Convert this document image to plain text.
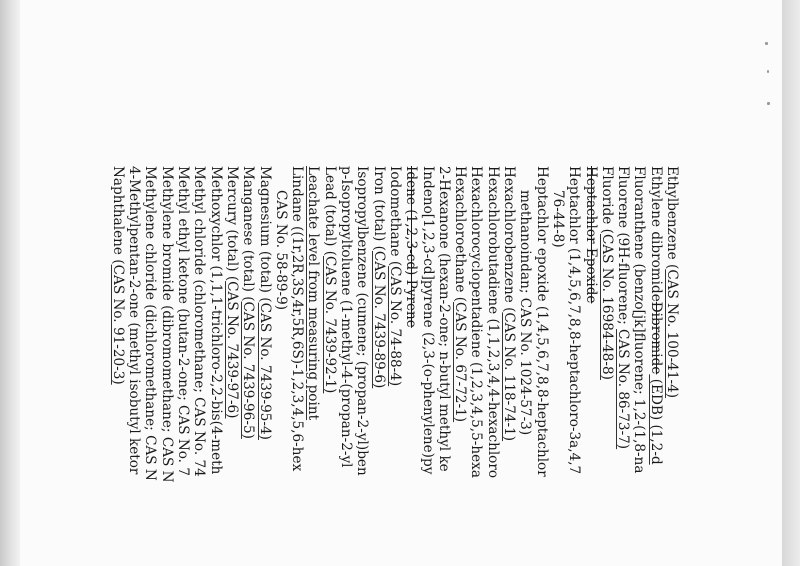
Ethylbenzene (CAS No. 100-41-4)
Ethylene dibromideDibromide (EDB) (1,2-d
Fluoranthene (benzo[jk]fluorene; 1,2-(1,8-na
Fluorene (9H-fluorene; CAS No. 86-73-7)
Fluoride (CAS No. 16984-48-8)
Heptachlor Epoxide
Heptachlor (1,4,5,6,7,8,8-heptachloro-3a,4,7
76-44-8)
Heptachlor epoxide (1,4,5,6,7,8,8-heptachlor
methanoindan; CAS No. 1024-57-3)
Hexachlorobenzene (CAS No. 118-74-1)
Hexachlorobutadiene (1,1,2,3,4,4-hexachloro
Hexachlorocyclopentadiene (1,2,3,4,5,5-hexa
Hexachloroethane (CAS No. 67-72-1)
2-Hexanone (hexan-2-one; n-butyl methyl ke
Indeno[1,2,3-cd]pyrene (2,3-(o-phenylene)py
Idene (1,2,3-cd) Pyrene
Iodomethane (CAS No. 74-88-4)
Iron (total) (CAS No. 7439-89-6)
Isopropylbenzene (cumene; (propan-2-yl)ben
p-Isopropyltoluene (1-methyl-4-(propan-2-yl
Lead (total) (CAS No. 7439-92-1)
Leachate level from measuring point
Lindane ((1r,2R,3S,4r,5R,6S)-1,2,3,4,5,6-hex
CAS No. 58-89-9)
Magnesium (total) (CAS No. 7439-95-4)
Manganese (total) (CAS No. 7439-96-5)
Mercury (total) (CAS No. 7439-97-6)
Methoxychlor (1,1,1-trichloro-2,2-bis(4-meth
Methyl chloride (chloromethane; CAS No. 74
Methyl ethyl ketone (butan-2-one; CAS No. 7
Methylene bromide (dibromomethane; CAS N
Methylene chloride (dichloromethane; CAS N
4-Methylpentan-2-one (methyl isobutyl ketor
Naphthalene (CAS No. 91-20-3)
